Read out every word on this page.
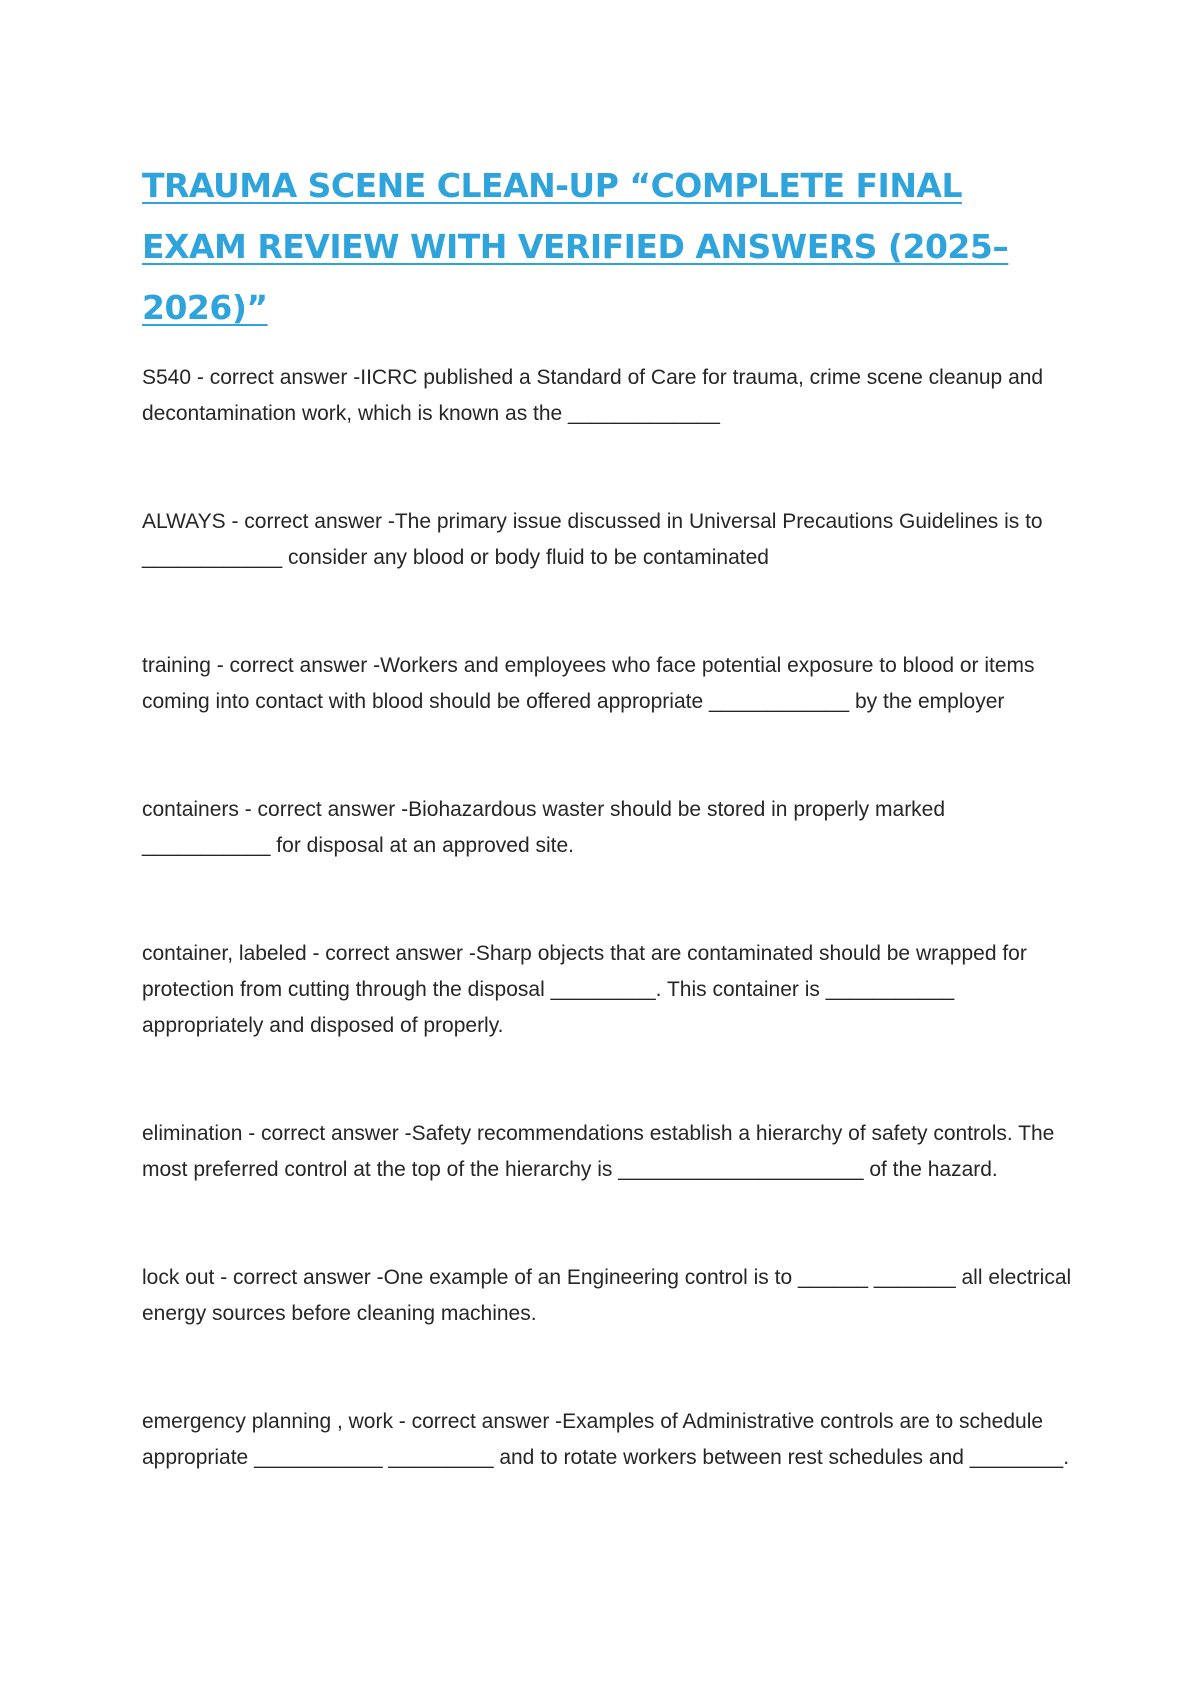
TRAUMA SCENE CLEAN-UP “COMPLETE FINAL EXAM REVIEW WITH VERIFIED ANSWERS (2025–2026)”
S540 - correct answer -IICRC published a Standard of Care for trauma, crime scene cleanup and decontamination work, which is known as the _____________
ALWAYS - correct answer -The primary issue discussed in Universal Precautions Guidelines is to ____________ consider any blood or body fluid to be contaminated
training - correct answer -Workers and employees who face potential exposure to blood or items coming into contact with blood should be offered appropriate ____________ by the employer
containers - correct answer -Biohazardous waster should be stored in properly marked ___________ for disposal at an approved site.
container, labeled - correct answer -Sharp objects that are contaminated should be wrapped for protection from cutting through the disposal _________. This container is ___________ appropriately and disposed of properly.
elimination - correct answer -Safety recommendations establish a hierarchy of safety controls. The most preferred control at the top of the hierarchy is _____________________ of the hazard.
lock out - correct answer -One example of an Engineering control is to ______ _______ all electrical energy sources before cleaning machines.
emergency planning , work - correct answer -Examples of Administrative controls are to schedule appropriate ___________ _________ and to rotate workers between rest schedules and ________.
